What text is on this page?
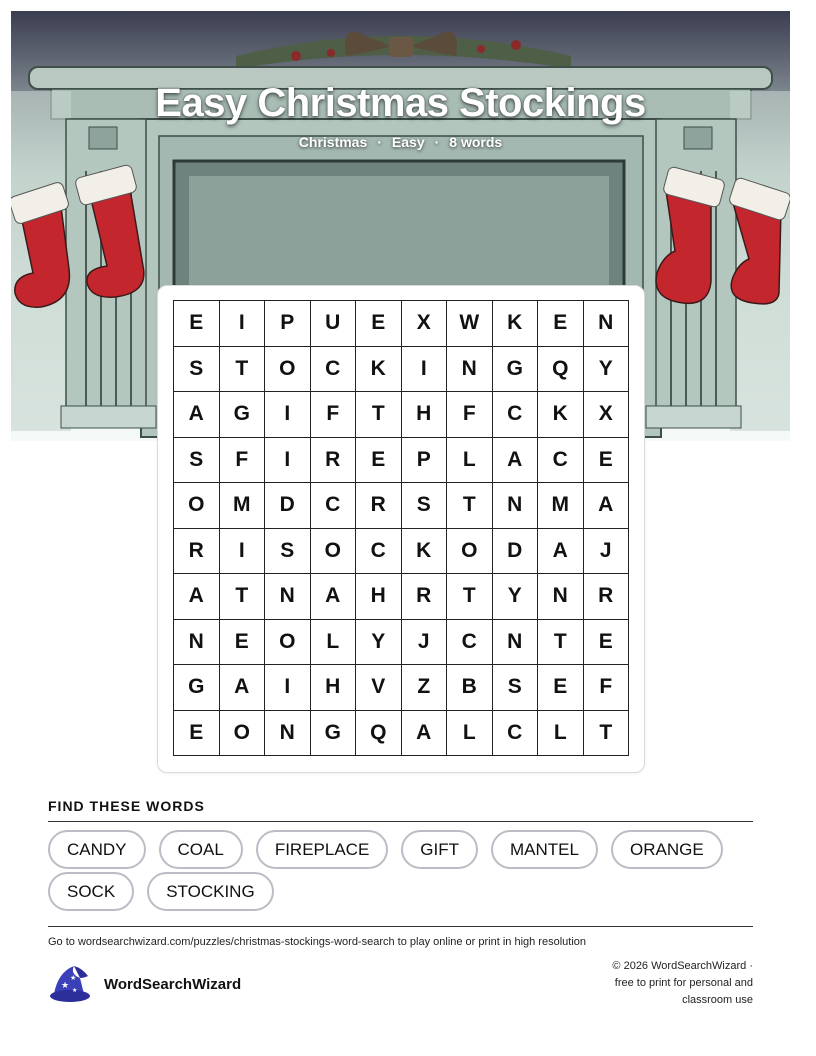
Easy Christmas Stockings
Christmas · Easy · 8 words
E	I	P	U	E	X	W	K	E	N
S	T	O	C	K	I	N	G	Q	Y
A	G	I	F	T	H	F	C	K	X
S	F	I	R	E	P	L	A	C	E
O	M	D	C	R	S	T	N	M	A
R	I	S	O	C	K	O	D	A	J
A	T	N	A	H	R	T	Y	N	R
N	E	O	L	Y	J	C	N	T	E
G	A	I	H	V	Z	B	S	E	F
E	O	N	G	Q	A	L	C	L	T
FIND THESE WORDS
CANDY	COAL	FIREPLACE	GIFT	MANTEL	ORANGE
SOCK	STOCKING
Go to wordsearchwizard.com/puzzles/christmas-stockings-word-search to play online or print in high resolution
★
★
★ WordSearchWizard
© 2026 WordSearchWizard ·
free to print for personal and
classroom use
